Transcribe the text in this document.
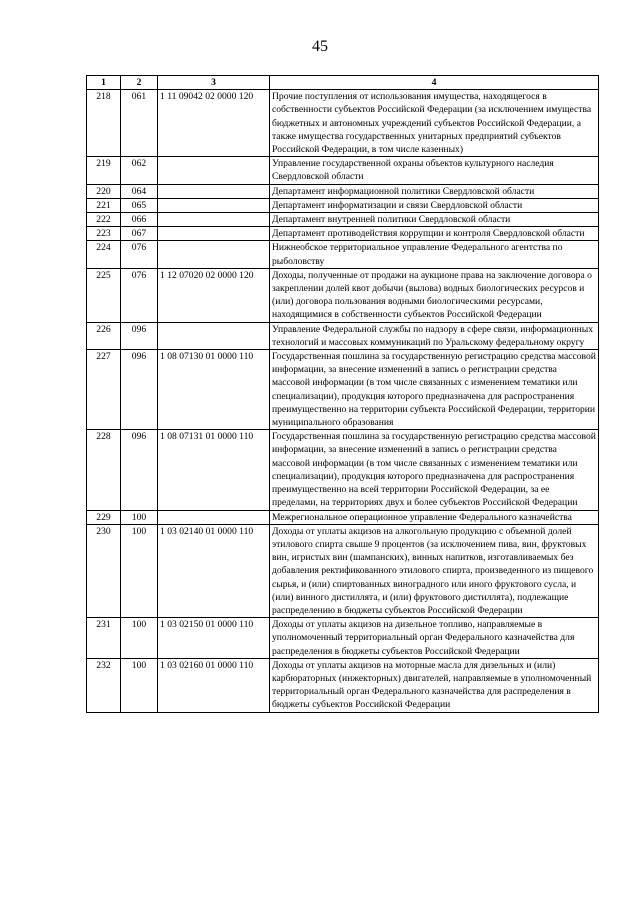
45
1	2	3	4
218	061	1 11 09042 02 0000 120	Прочие поступления от использования имущества, находящегося в собственности субъектов Российской Федерации (за исключением имущества бюджетных и автономных учреждений субъектов Российской Федерации, а также имущества государственных унитарных предприятий субъектов Российской Федерации, в том числе казенных)
219	062		Управление государственной охраны объектов культурного наследия Свердловской области
220	064		Департамент информационной политики Свердловской области
221	065		Департамент информатизации и связи Свердловской области
222	066		Департамент внутренней политики Свердловской области
223	067		Департамент противодействия коррупции и контроля Свердловской области
224	076		Нижнеобское территориальное управление Федерального агентства по рыболовству
225	076	1 12 07020 02 0000 120	Доходы, полученные от продажи на аукционе права на заключение договора о закреплении долей квот добычи (вылова) водных биологических ресурсов и (или) договора пользования водными биологическими ресурсами, находящимися в собственности субъектов Российской Федерации
226	096		Управление Федеральной службы по надзору в сфере связи, информационных технологий и массовых коммуникаций по Уральскому федеральному округу
227	096	1 08 07130 01 0000 110	Государственная пошлина за государственную регистрацию средства массовой информации, за внесение изменений в запись о регистрации средства массовой информации (в том числе связанных с изменением тематики или специализации), продукция которого предназначена для распространения преимущественно на территории субъекта Российской Федерации, территории муниципального образования
228	096	1 08 07131 01 0000 110	Государственная пошлина за государственную регистрацию средства массовой информации, за внесение изменений в запись о регистрации средства массовой информации (в том числе связанных с изменением тематики или специализации), продукция которого предназначена для распространения преимущественно на всей территории Российской Федерации, за ее пределами, на территориях двух и более субъектов Российской Федерации
229	100		Межрегиональное операционное управление Федерального казначейства
230	100	1 03 02140 01 0000 110	Доходы от уплаты акцизов на алкогольную продукцию с объемной долей этилового спирта свыше 9 процентов (за исключением пива, вин, фруктовых вин, игристых вин (шампанских), винных напитков, изготавливаемых без добавления ректификованного этилового спирта, произведенного из пищевого сырья, и (или) спиртованных виноградного или иного фруктового сусла, и (или) винного дистиллята, и (или) фруктового дистиллята), подлежащие распределению в бюджеты субъектов Российской Федерации
231	100	1 03 02150 01 0000 110	Доходы от уплаты акцизов на дизельное топливо, направляемые в уполномоченный территориальный орган Федерального казначейства для распределения в бюджеты субъектов Российской Федерации
232	100	1 03 02160 01 0000 110	Доходы от уплаты акцизов на моторные масла для дизельных и (или) карбюраторных (инжекторных) двигателей, направляемые в уполномоченный территориальный орган Федерального казначейства для распределения в бюджеты субъектов Российской Федерации
